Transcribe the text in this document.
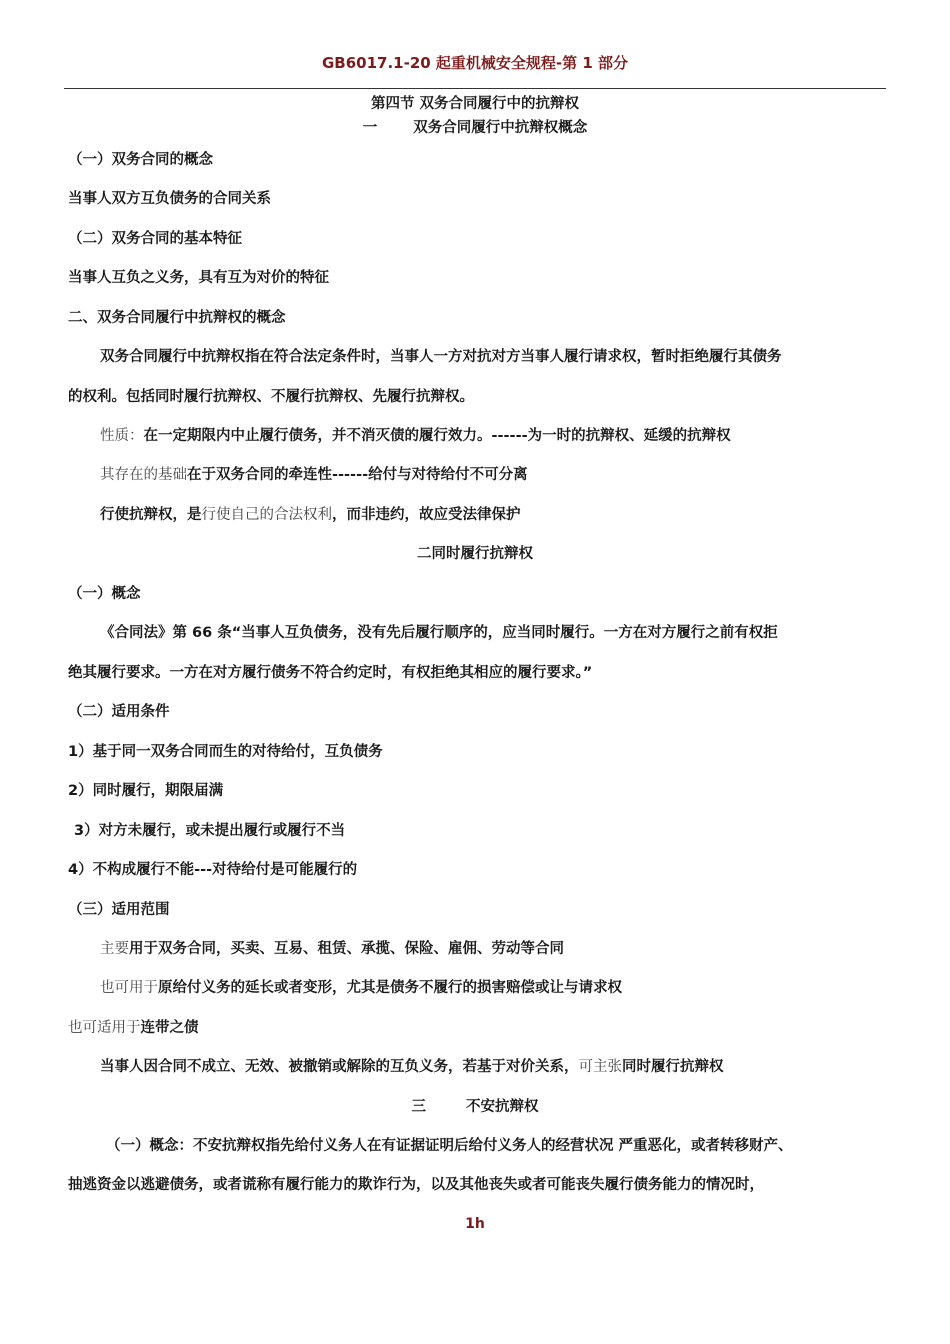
GB6017.1-20 起重机械安全规程-第 1 部分
第四节 双务合同履行中的抗辩权
一 双务合同履行中抗辩权概念
（一）双务合同的概念
当事人双方互负债务的合同关系
（二）双务合同的基本特征
当事人互负之义务，具有互为对价的特征
二、双务合同履行中抗辩权的概念
双务合同履行中抗辩权指在符合法定条件时，当事人一方对抗对方当事人履行请求权，暂时拒绝履行其债务
的权利。包括同时履行抗辩权、不履行抗辩权、先履行抗辩权。
性质：在一定期限内中止履行债务，并不消灭债的履行效力。------为一时的抗辩权、延缓的抗辩权
其存在的基础在于双务合同的牵连性------给付与对待给付不可分离
行使抗辩权，是行使自己的合法权利，而非违约，故应受法律保护
二同时履行抗辩权
（一）概念
《合同法》第 66 条“当事人互负债务，没有先后履行顺序的，应当同时履行。一方在对方履行之前有权拒
绝其履行要求。一方在对方履行债务不符合约定时，有权拒绝其相应的履行要求。”
（二）适用条件
1）基于同一双务合同而生的对待给付，互负债务
2）同时履行，期限届满
3）对方未履行，或未提出履行或履行不当
4）不构成履行不能---对待给付是可能履行的
（三）适用范围
主要用于双务合同，买卖、互易、租赁、承揽、保险、雇佣、劳动等合同
也可用于原给付义务的延长或者变形，尤其是债务不履行的损害赔偿或让与请求权
也可适用于连带之债
当事人因合同不成立、无效、被撤销或解除的互负义务，若基于对价关系，可主张同时履行抗辩权
三	不安抗辩权
（一）概念：不安抗辩权指先给付义务人在有证据证明后给付义务人的经营状况 严重恶化，或者转移财产、
抽逃资金以逃避债务，或者谎称有履行能力的欺诈行为，以及其他丧失或者可能丧失履行债务能力的情况时，
1h
